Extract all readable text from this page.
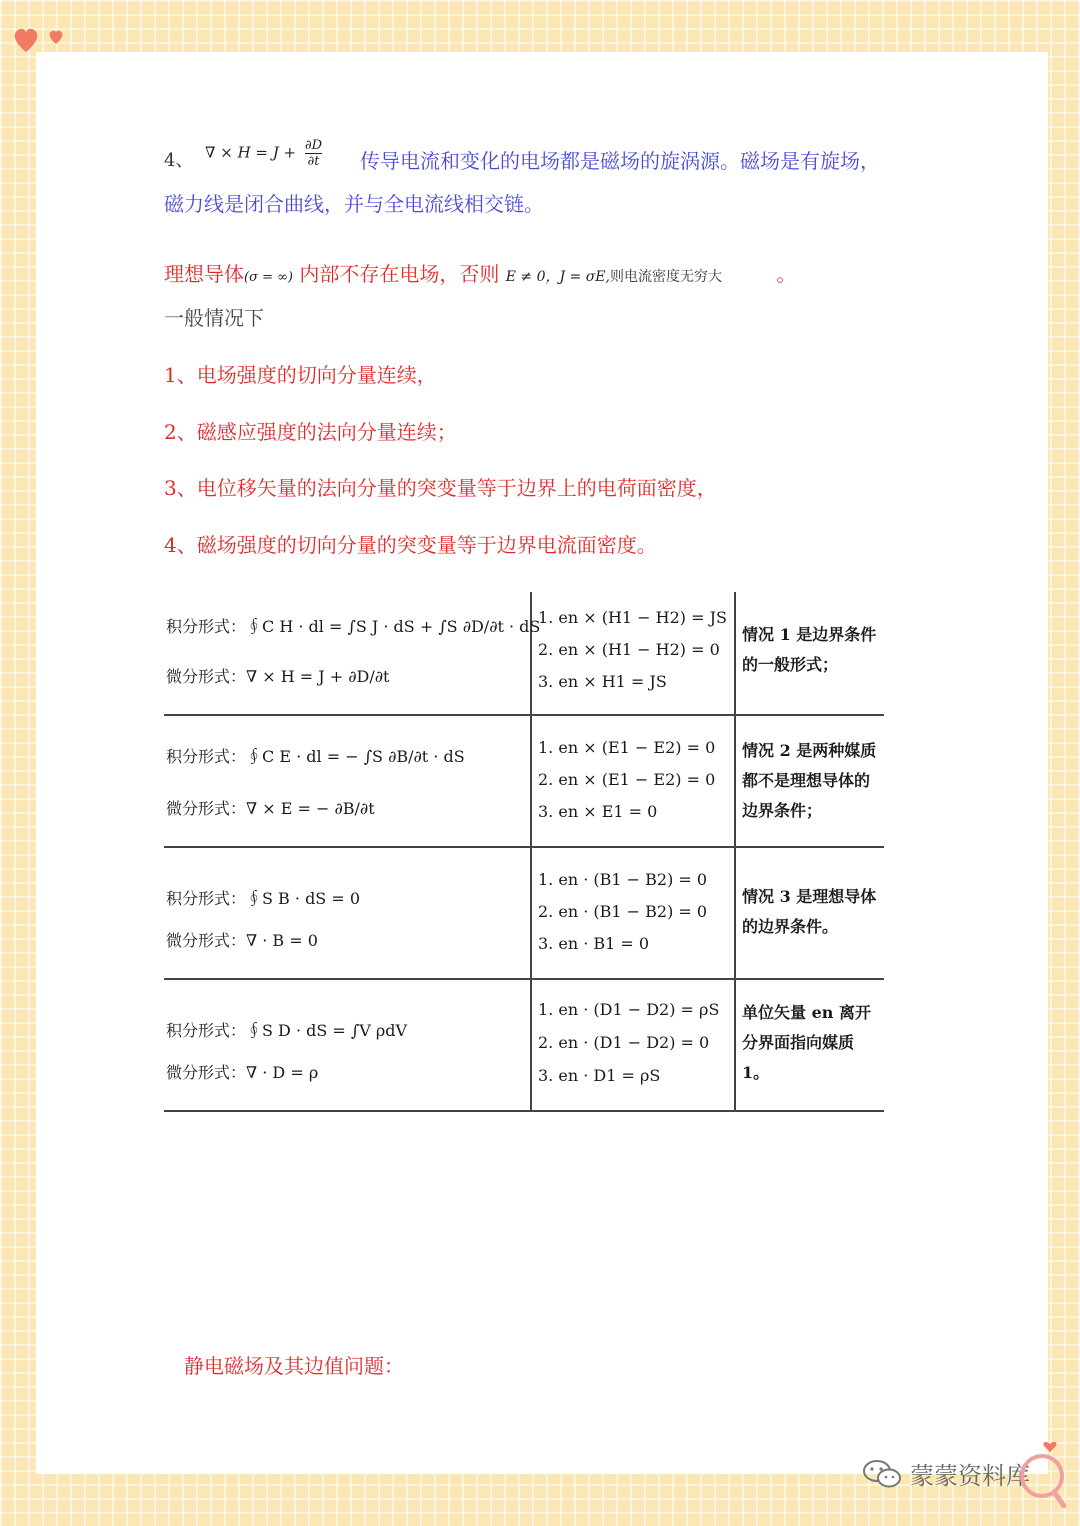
4、 ∇ × $H = J + \frac{\partial D}{\partial t}$ 传导电流和变化的电场都是磁场的旋涡源。磁场是有旋场，
磁力线是闭合曲线，并与全电流线相交链。
理想导体(σ = ∞) 内部不存在电场，否则 E ≠ 0，J = σE,则电流密度无穷大	。
一般情况下
1、电场强度的切向分量连续，
2、磁感应强度的法向分量连续；
3、电位移矢量的法向分量的突变量等于边界上的电荷面密度，
4、磁场强度的切向分量的突变量等于边界电流面密度。
积分形式：∮C H · dl = ∫S J · dS + ∫S ∂D/∂t · dS
微分形式：∇ × H = J + ∂D/∂t
1. en × (H1 − H2) = JS
2. en × (H1 − H2) = 0
3. en × H1 = JS
情况 1 是边界条件的一般形式；
积分形式：∮C E · dl = − ∫S ∂B/∂t · dS
微分形式：∇ × E = − ∂B/∂t
1. en × (E1 − E2) = 0
2. en × (E1 − E2) = 0
3. en × E1 = 0
情况 2 是两种媒质都不是理想导体的边界条件；
积分形式：∮S B · dS = 0
微分形式：∇ · B = 0
1. en · (B1 − B2) = 0
2. en · (B1 − B2) = 0
3. en · B1 = 0
情况 3 是理想导体的边界条件。
积分形式：∮S D · dS = ∫V ρdV
微分形式：∇ · D = ρ
1. en · (D1 − D2) = ρS
2. en · (D1 − D2) = 0
3. en · D1 = ρS
单位矢量 en 离开分界面指向媒质 1。
静电磁场及其边值问题：
蒙蒙资料库
